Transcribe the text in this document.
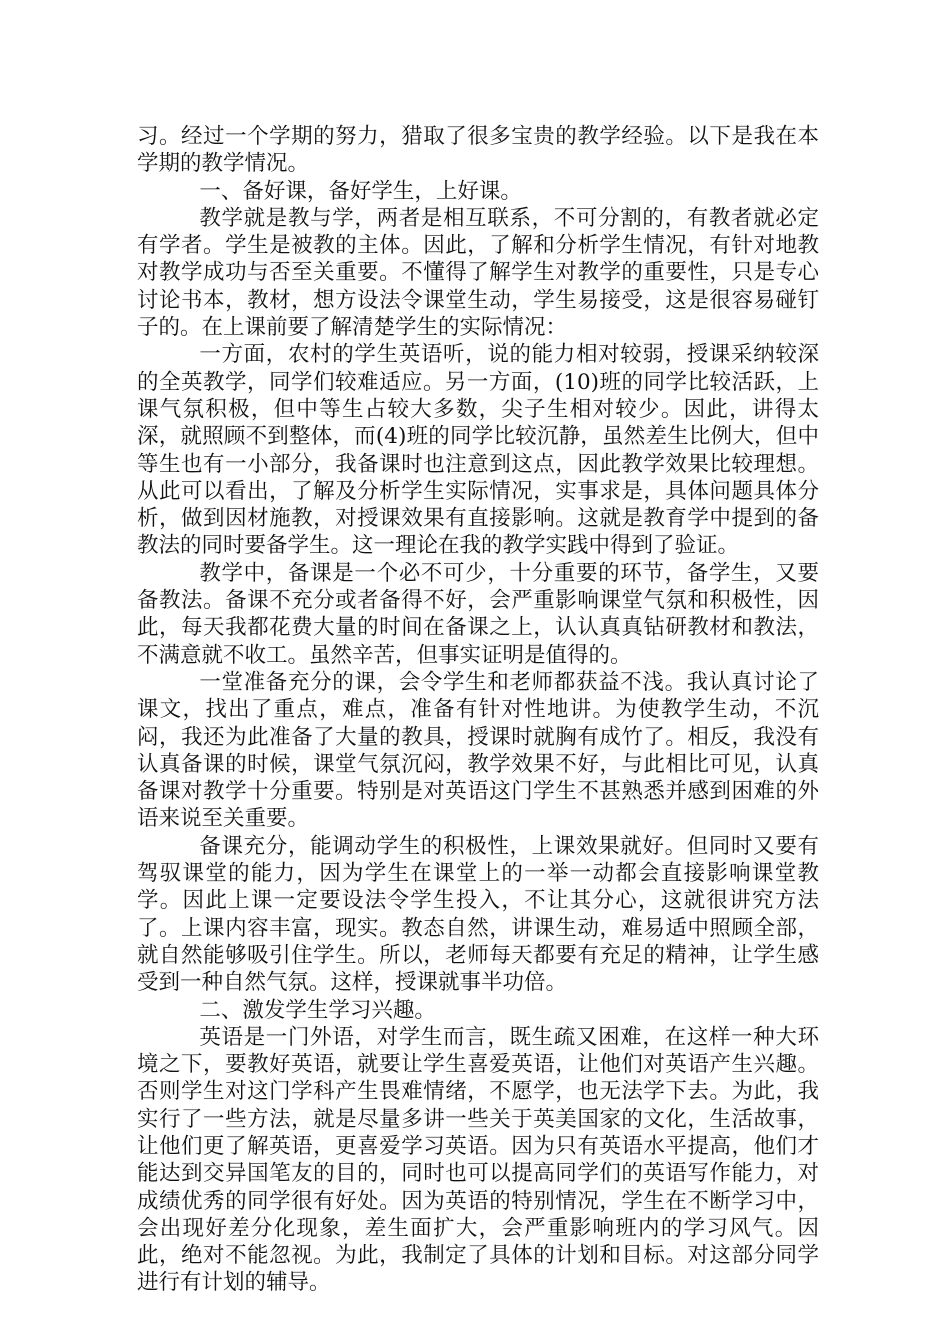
习。经过一个学期的努力，猎取了很多宝贵的教学经验。以下是我在本学期的教学情况。

一、备好课，备好学生，上好课。

教学就是教与学，两者是相互联系，不可分割的，有教者就必定有学者。学生是被教的主体。因此，了解和分析学生情况，有针对地教对教学成功与否至关重要。不懂得了解学生对教学的重要性，只是专心讨论书本，教材，想方设法令课堂生动，学生易接受，这是很容易碰钉子的。在上课前要了解清楚学生的实际情况：

一方面，农村的学生英语听，说的能力相对较弱，授课采纳较深的全英教学，同学们较难适应。另一方面，(10)班的同学比较活跃，上课气氛积极，但中等生占较大多数，尖子生相对较少。因此，讲得太深，就照顾不到整体，而(4)班的同学比较沉静，虽然差生比例大，但中等生也有一小部分，我备课时也注意到这点，因此教学效果比较理想。从此可以看出，了解及分析学生实际情况，实事求是，具体问题具体分析，做到因材施教，对授课效果有直接影响。这就是教育学中提到的备教法的同时要备学生。这一理论在我的教学实践中得到了验证。

教学中，备课是一个必不可少，十分重要的环节，备学生，又要备教法。备课不充分或者备得不好，会严重影响课堂气氛和积极性，因此，每天我都花费大量的时间在备课之上，认认真真钻研教材和教法，不满意就不收工。虽然辛苦，但事实证明是值得的。

一堂准备充分的课，会令学生和老师都获益不浅。我认真讨论了课文，找出了重点，难点，准备有针对性地讲。为使教学生动，不沉闷，我还为此准备了大量的教具，授课时就胸有成竹了。相反，我没有认真备课的时候，课堂气氛沉闷，教学效果不好，与此相比可见，认真备课对教学十分重要。特别是对英语这门学生不甚熟悉并感到困难的外语来说至关重要。

备课充分，能调动学生的积极性，上课效果就好。但同时又要有驾驭课堂的能力，因为学生在课堂上的一举一动都会直接影响课堂教学。因此上课一定要设法令学生投入，不让其分心，这就很讲究方法了。上课内容丰富，现实。教态自然，讲课生动，难易适中照顾全部，就自然能够吸引住学生。所以，老师每天都要有充足的精神，让学生感受到一种自然气氛。这样，授课就事半功倍。

二、激发学生学习兴趣。

英语是一门外语，对学生而言，既生疏又困难，在这样一种大环境之下，要教好英语，就要让学生喜爱英语，让他们对英语产生兴趣。否则学生对这门学科产生畏难情绪，不愿学，也无法学下去。为此，我实行了一些方法，就是尽量多讲一些关于英美国家的文化，生活故事，让他们更了解英语，更喜爱学习英语。因为只有英语水平提高，他们才能达到交异国笔友的目的，同时也可以提高同学们的英语写作能力，对成绩优秀的同学很有好处。因为英语的特别情况，学生在不断学习中，会出现好差分化现象，差生面扩大，会严重影响班内的学习风气。因此，绝对不能忽视。为此，我制定了具体的计划和目标。对这部分同学进行有计划的辅导。
